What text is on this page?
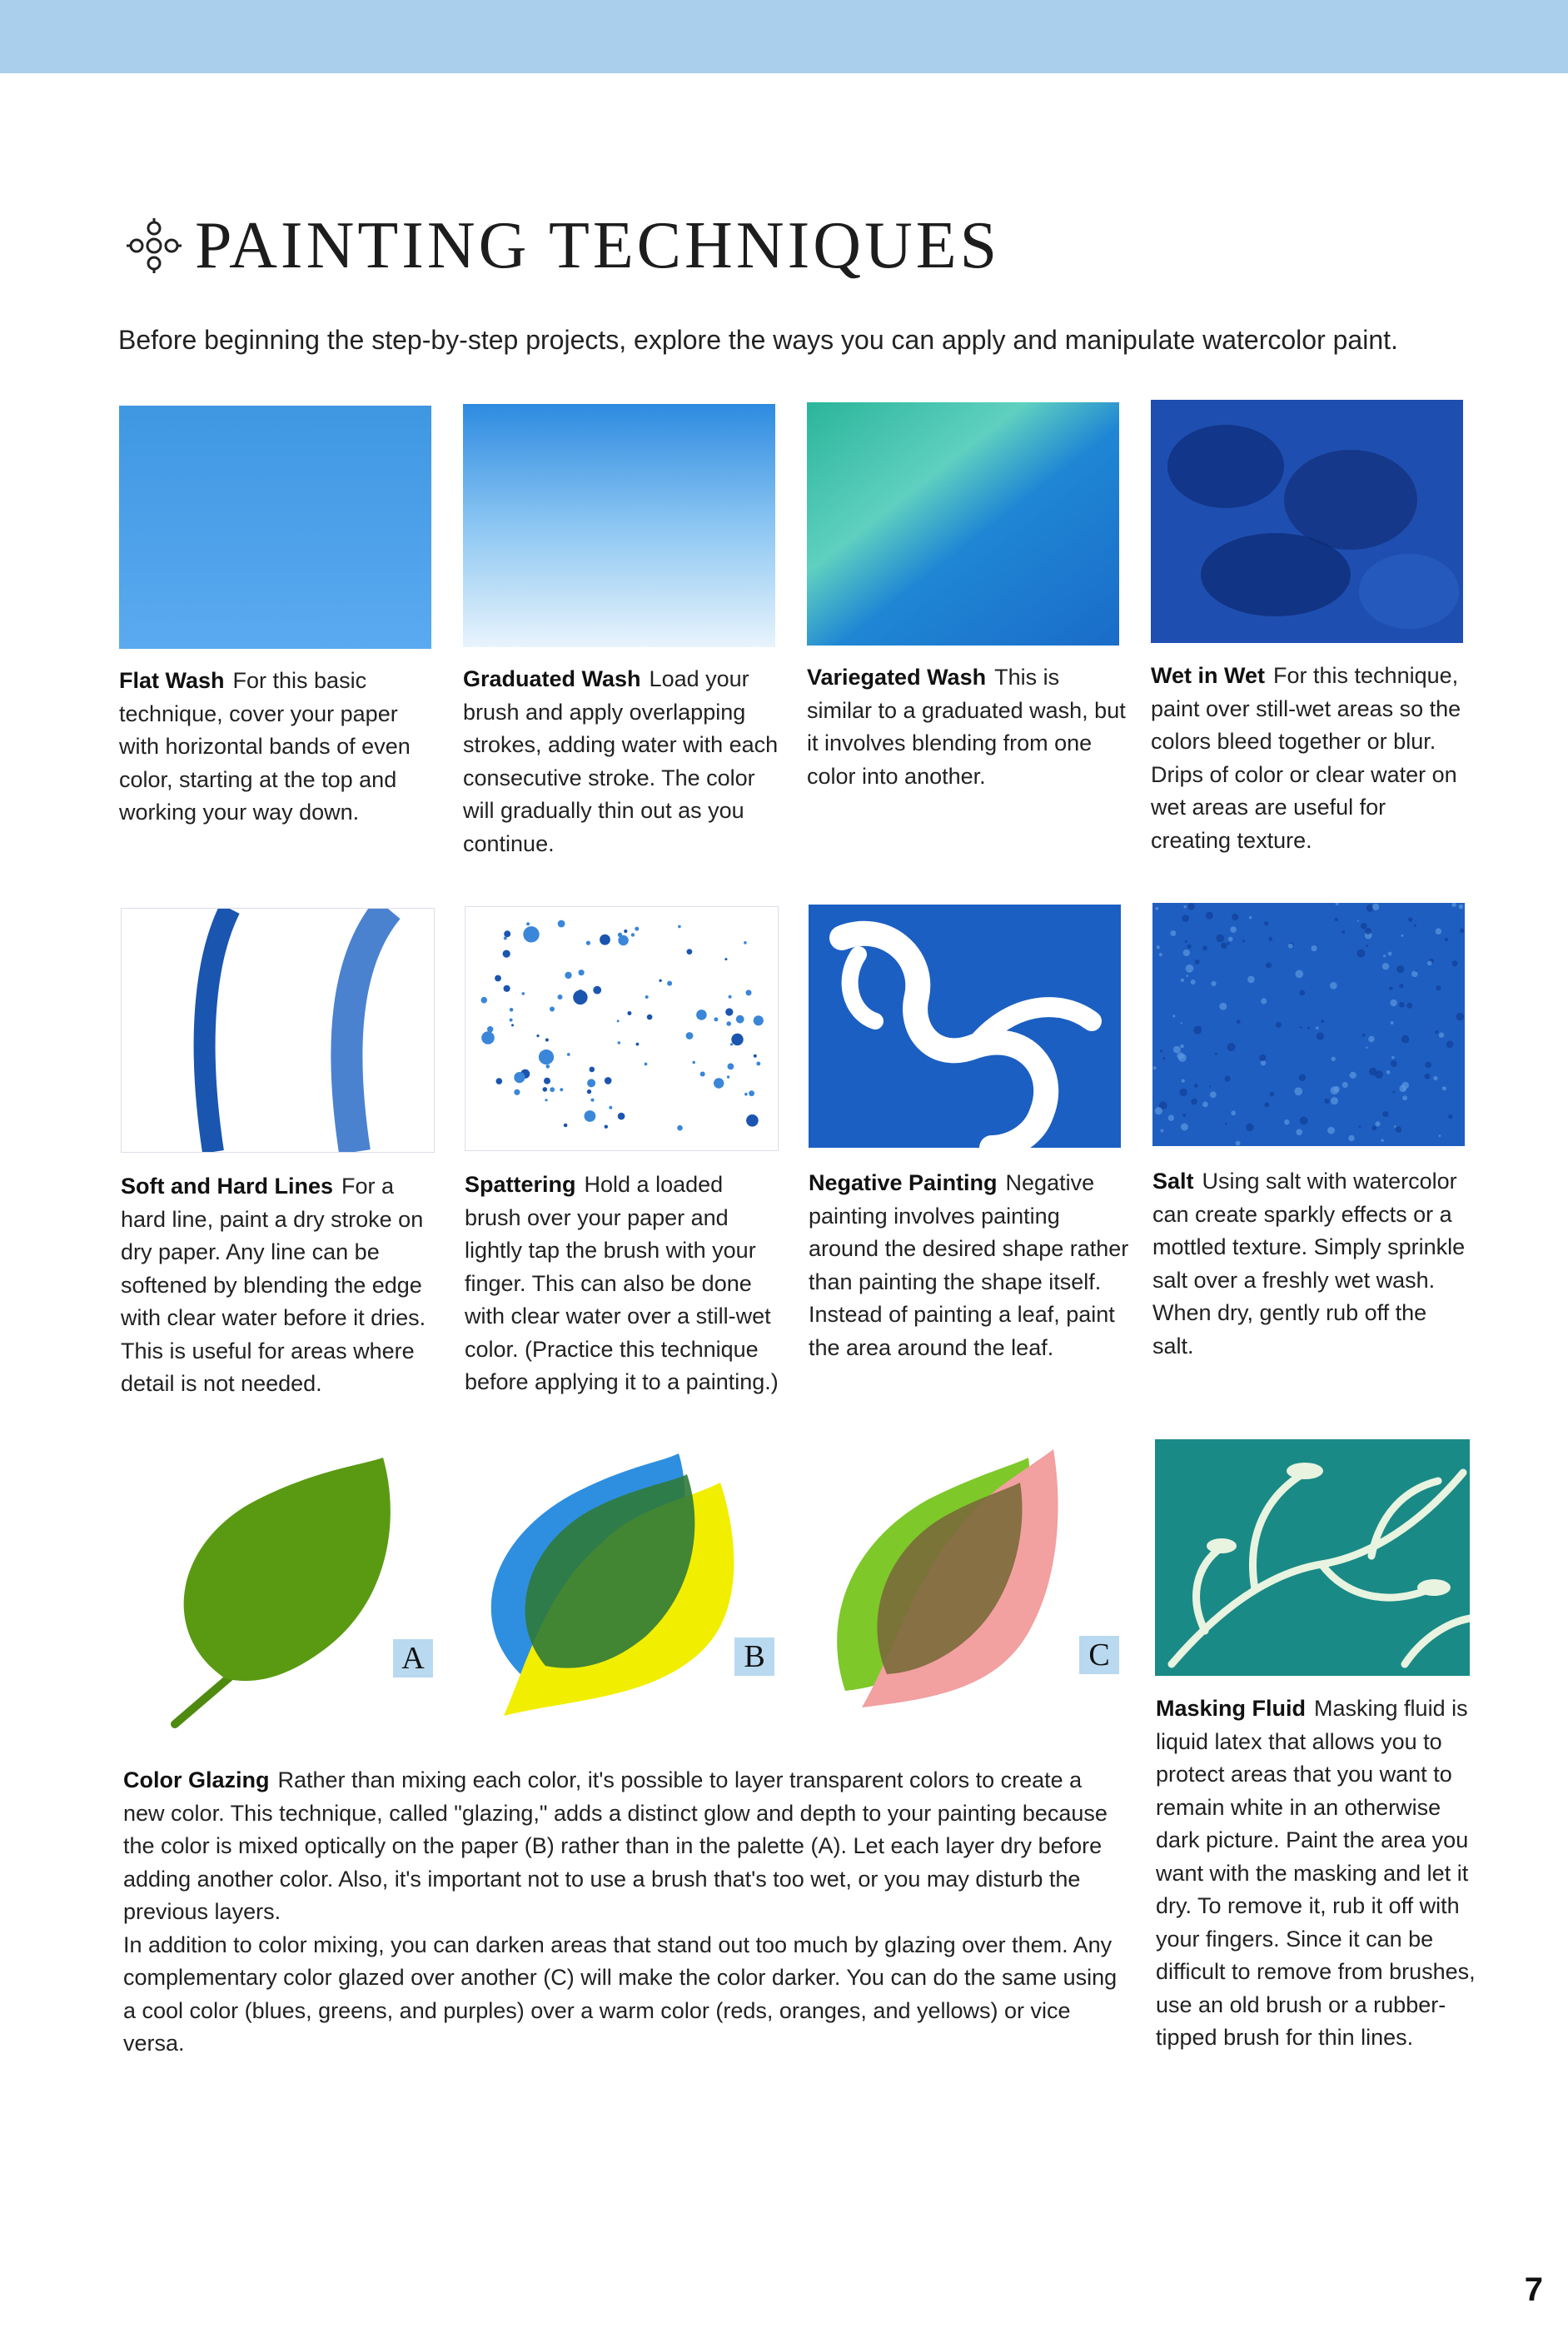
PAINTING TECHNIQUES
Before beginning the step-by-step projects, explore the ways you can apply and manipulate watercolor paint.
Flat Wash For this basic technique, cover your paper with horizontal bands of even color, starting at the top and working your way down.
Graduated Wash Load your brush and apply overlapping strokes, adding water with each consecutive stroke. The color will gradually thin out as you continue.
Variegated Wash This is similar to a graduated wash, but it involves blending from one color into another.
Wet in Wet For this technique, paint over still-wet areas so the colors bleed together or blur. Drips of color or clear water on wet areas are useful for creating texture.
Soft and Hard Lines For a hard line, paint a dry stroke on dry paper. Any line can be softened by blending the edge with clear water before it dries. This is useful for areas where detail is not needed.
Spattering Hold a loaded brush over your paper and lightly tap the brush with your finger. This can also be done with clear water over a still-wet color. (Practice this technique before applying it to a painting.)
Negative Painting Negative painting involves painting around the desired shape rather than painting the shape itself. Instead of painting a leaf, paint the area around the leaf.
Salt Using salt with watercolor can create sparkly effects or a mottled texture. Simply sprinkle salt over a freshly wet wash. When dry, gently rub off the salt.
A	B	C
Masking Fluid Masking fluid is liquid latex that allows you to protect areas that you want to remain white in an otherwise dark picture. Paint the area you want with the masking and let it dry. To remove it, rub it off with your fingers. Since it can be difficult to remove from brushes, use an old brush or a rubber-tipped brush for thin lines.
Color Glazing Rather than mixing each color, it's possible to layer transparent colors to create a new color. This technique, called "glazing," adds a distinct glow and depth to your painting because the color is mixed optically on the paper (B) rather than in the palette (A). Let each layer dry before adding another color. Also, it's important not to use a brush that's too wet, or you may disturb the previous layers.
In addition to color mixing, you can darken areas that stand out too much by glazing over them. Any complementary color glazed over another (C) will make the color darker. You can do the same using a cool color (blues, greens, and purples) over a warm color (reds, oranges, and yellows) or vice versa.
7
